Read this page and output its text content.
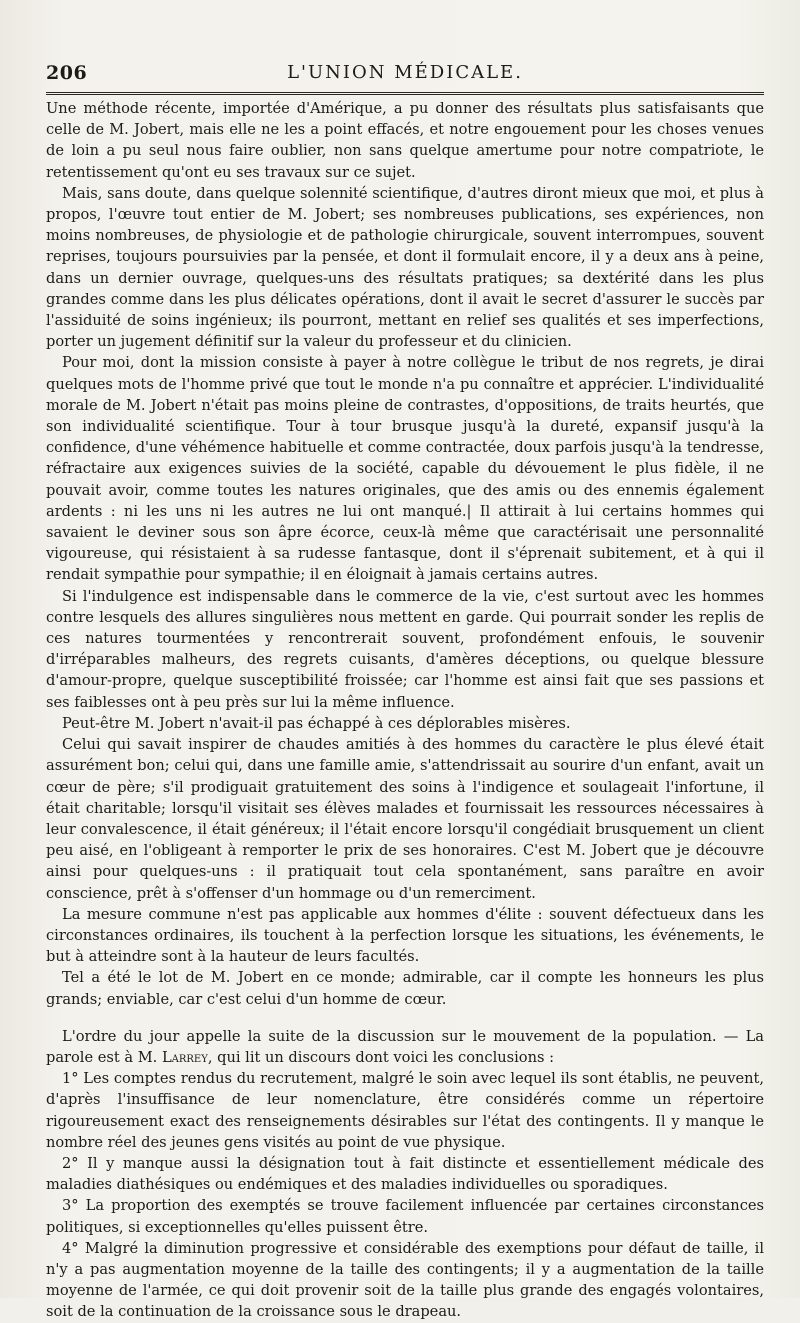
206	L'UNION MÉDICALE.

Une méthode récente, importée d'Amérique, a pu donner des résultats plus satisfaisants que celle de M. Jobert, mais elle ne les a point effacés, et notre engouement pour les choses venues de loin a pu seul nous faire oublier, non sans quelque amertume pour notre compatriote, le retentissement qu'ont eu ses travaux sur ce sujet.

Mais, sans doute, dans quelque solennité scientifique, d'autres diront mieux que moi, et plus à propos, l'œuvre tout entier de M. Jobert; ses nombreuses publications, ses expériences, non moins nombreuses, de physiologie et de pathologie chirurgicale, souvent interrompues, souvent reprises, toujours poursuivies par la pensée, et dont il formulait encore, il y a deux ans à peine, dans un dernier ouvrage, quelques-uns des résultats pratiques; sa dextérité dans les plus grandes comme dans les plus délicates opérations, dont il avait le secret d'assurer le succès par l'assiduité de soins ingénieux; ils pourront, mettant en relief ses qualités et ses imperfections, porter un jugement définitif sur la valeur du professeur et du clinicien.

Pour moi, dont la mission consiste à payer à notre collègue le tribut de nos regrets, je dirai quelques mots de l'homme privé que tout le monde n'a pu connaître et apprécier. L'individualité morale de M. Jobert n'était pas moins pleine de contrastes, d'oppositions, de traits heurtés, que son individualité scientifique. Tour à tour brusque jusqu'à la dureté, expansif jusqu'à la confidence, d'une véhémence habituelle et comme contractée, doux parfois jusqu'à la tendresse, réfractaire aux exigences suivies de la société, capable du dévouement le plus fidèle, il ne pouvait avoir, comme toutes les natures originales, que des amis ou des ennemis également ardents : ni les uns ni les autres ne lui ont manqué.| Il attirait à lui certains hommes qui savaient le deviner sous son âpre écorce, ceux-là même que caractérisait une personnalité vigoureuse, qui résistaient à sa rudesse fantasque, dont il s'éprenait subitement, et à qui il rendait sympathie pour sympathie; il en éloignait à jamais certains autres.

Si l'indulgence est indispensable dans le commerce de la vie, c'est surtout avec les hommes contre lesquels des allures singulières nous mettent en garde. Qui pourrait sonder les replis de ces natures tourmentées y rencontrerait souvent, profondément enfouis, le souvenir d'irréparables malheurs, des regrets cuisants, d'amères déceptions, ou quelque blessure d'amour-propre, quelque susceptibilité froissée; car l'homme est ainsi fait que ses passions et ses faiblesses ont à peu près sur lui la même influence.

Peut-être M. Jobert n'avait-il pas échappé à ces déplorables misères.

Celui qui savait inspirer de chaudes amitiés à des hommes du caractère le plus élevé était assurément bon; celui qui, dans une famille amie, s'attendrissait au sourire d'un enfant, avait un cœur de père; s'il prodiguait gratuitement des soins à l'indigence et soulageait l'infortune, il était charitable; lorsqu'il visitait ses élèves malades et fournissait les ressources nécessaires à leur convalescence, il était généreux; il l'était encore lorsqu'il congédiait brusquement un client peu aisé, en l'obligeant à remporter le prix de ses honoraires. C'est M. Jobert que je découvre ainsi pour quelques-uns : il pratiquait tout cela spontanément, sans paraître en avoir conscience, prêt à s'offenser d'un hommage ou d'un remerciment.

La mesure commune n'est pas applicable aux hommes d'élite : souvent défectueux dans les circonstances ordinaires, ils touchent à la perfection lorsque les situations, les événements, le but à atteindre sont à la hauteur de leurs facultés.

Tel a été le lot de M. Jobert en ce monde; admirable, car il compte les honneurs les plus grands; enviable, car c'est celui d'un homme de cœur.

L'ordre du jour appelle la suite de la discussion sur le mouvement de la population. — La parole est à M. Larrey, qui lit un discours dont voici les conclusions :

1° Les comptes rendus du recrutement, malgré le soin avec lequel ils sont établis, ne peuvent, d'après l'insuffisance de leur nomenclature, être considérés comme un répertoire rigoureusement exact des renseignements désirables sur l'état des contingents. Il y manque le nombre réel des jeunes gens visités au point de vue physique.

2° Il y manque aussi la désignation tout à fait distincte et essentiellement médicale des maladies diathésiques ou endémiques et des maladies individuelles ou sporadiques.

3° La proportion des exemptés se trouve facilement influencée par certaines circonstances politiques, si exceptionnelles qu'elles puissent être.

4° Malgré la diminution progressive et considérable des exemptions pour défaut de taille, il n'y a pas augmentation moyenne de la taille des contingents; il y a augmentation de la taille moyenne de l'armée, ce qui doit provenir soit de la taille plus grande des engagés volontaires, soit de la continuation de la croissance sous le drapeau.
